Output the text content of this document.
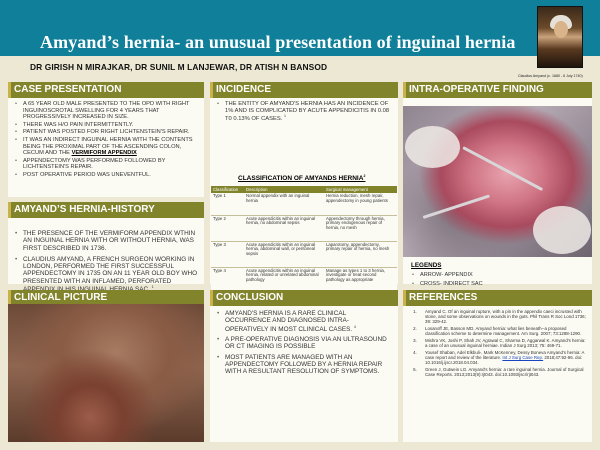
Amyand’s hernia- an unusual presentation of inguinal hernia
Claudius Amyand (c. 1680 - 6 July 1740)
DR GIRISH N MIRAJKAR, DR SUNIL M LANJEWAR, DR ATISH N BANSOD
CASE PRESENTATION
• A 65 YEAR OLD MALE PRESENTED TO THE OPD WITH RIGHT INGUINOSCROTAL SWELLING FOR 4 YEARS THAT PROGRESSIVELY INCREASED IN SIZE.
• THERE WAS H/O PAIN INTERMITTENTLY.
• PATIENT WAS POSTED FOR RIGHT LICHTENSTEIN'S REPAIR.
• IT WAS AN INDIRECT INGUINAL HERNIA WITH THE CONTENTS BEING THE PROXIMAL PART OF THE ASCENDING COLON, CECUM AND THE VERMIFORM APPENDIX
• APPENDECTOMY WAS PERFORMED FOLLOWED BY LICHTENSTEIN'S REPAIR.
• POST OPERATIVE PERIOD WAS UNEVENTFUL.
AMYAND’S HERNIA-HISTORY
• THE PRESENCE OF THE VERMIFORM APPENDIX WTHIN AN INGUINAL HERNIA WITH OR WITHOUT HERNIA, WAS FIRST DESCRIBED IN 1736.
• CLAUDIUS AMYAND, A FRENCH SURGEON WORKING IN LONDON, PERFORMED THE FIRST SUCCESSFUL APPENDECTOMY IN 1735 ON AN 11 YEAR OLD BOY WHO PRESENTED WITH AN INFLAMED, PERFORATED $^1$
INCIDENCE
• THE ENTITY OF AMYAND'S HERNIA HAS AN INCIDENCE OF 1% AND IS COMPLICATED BY ACUTE APPENDICITIS IN 0.08 T0 0.13% OF CASES. $^1$
CLASSIFICATION OF AMYANDS HERNIA$^2$
Classification	Description	Surgical management
Type 1	Normal appendix with an inguinal hernia	Hernia reduction, mesh repair, appendectomy in young patients
Type 2	Acute appendicitis within an inguinal hernia, no abdominal sepsis	Appendectomy through hernia, primary endogenous repair of hernia, no mesh
Type 3	Acute appendicitis within an inguinal hernia, abdominal wall, or peritoneal sepsis	Laparotomy, appendectomy, primary repair of hernia, no mesh
Type 4	Acute appendicitis within an inguinal hernia, related or unrelated abdominal pathology	Manage as types 1 to 3 hernia, investigate or treat second pathology as appropriate
INTRA-OPERATIVE FINDING
LEGENDS
• ARROW- APPENDIX
• CROSS- INDIRECT SAC
CLINICAL PICTURE	CONCLUSION
• AMYAND'S HERNIA IS A RARE CLINICAL OCCURRENCE AND DIAGNOSED INTRA-OPERATIVELY IN MOST CLINICAL CASES. $^4$
• A PRE-OPERATIVE DIAGNOSIS VIA AN ULTRASOUND OR CT IMAGING IS POSSIBLE
• MOST PATIENTS ARE MANAGED WITH AN APPENDECTOMY FOLLOWED BY A HERNIA REPAIR WITH A RESULTANT RESOLUTION OF SYMPTOMS.
REFERENCES
1. Amyand C. Of an inguinal rupture, with a pin in the appendix caeci incrusted with stone, and some observations on wounds in the guts. Phil Trans R Soc Lond 1736; 39: 329-42.
2. Losanoff JE, Basson MD. Amyand hernia: what lies beneath--a proposed classification scheme to determine management. Am Surg. 2007; 73:1288-1290.
3. Mishra VK, Joshi P, Shah JV, Agrawal C, Sharma D, Aggarwal K. Amyand's hernia: a case of an unusual inguinal herniae. Indian J Surg 2013; 75: 469-71.
4. Yousef Shaban, Adel Elkbuli-, Mark McKenney, Dessy Boneva Amyand's hernia: A case report and review of the literature. Int J Surg Case Rep. 2018;47:92-96. doi: 10.1016/j.ijscr.2018.04.034.
5. Green J, Gutwein LG. Amyand's hernia: a rare inguinal hernia. Journal of Surgical Case Reports. 2013;2013(9):rjt043. doi:10.1093/jscr/rjt043.
